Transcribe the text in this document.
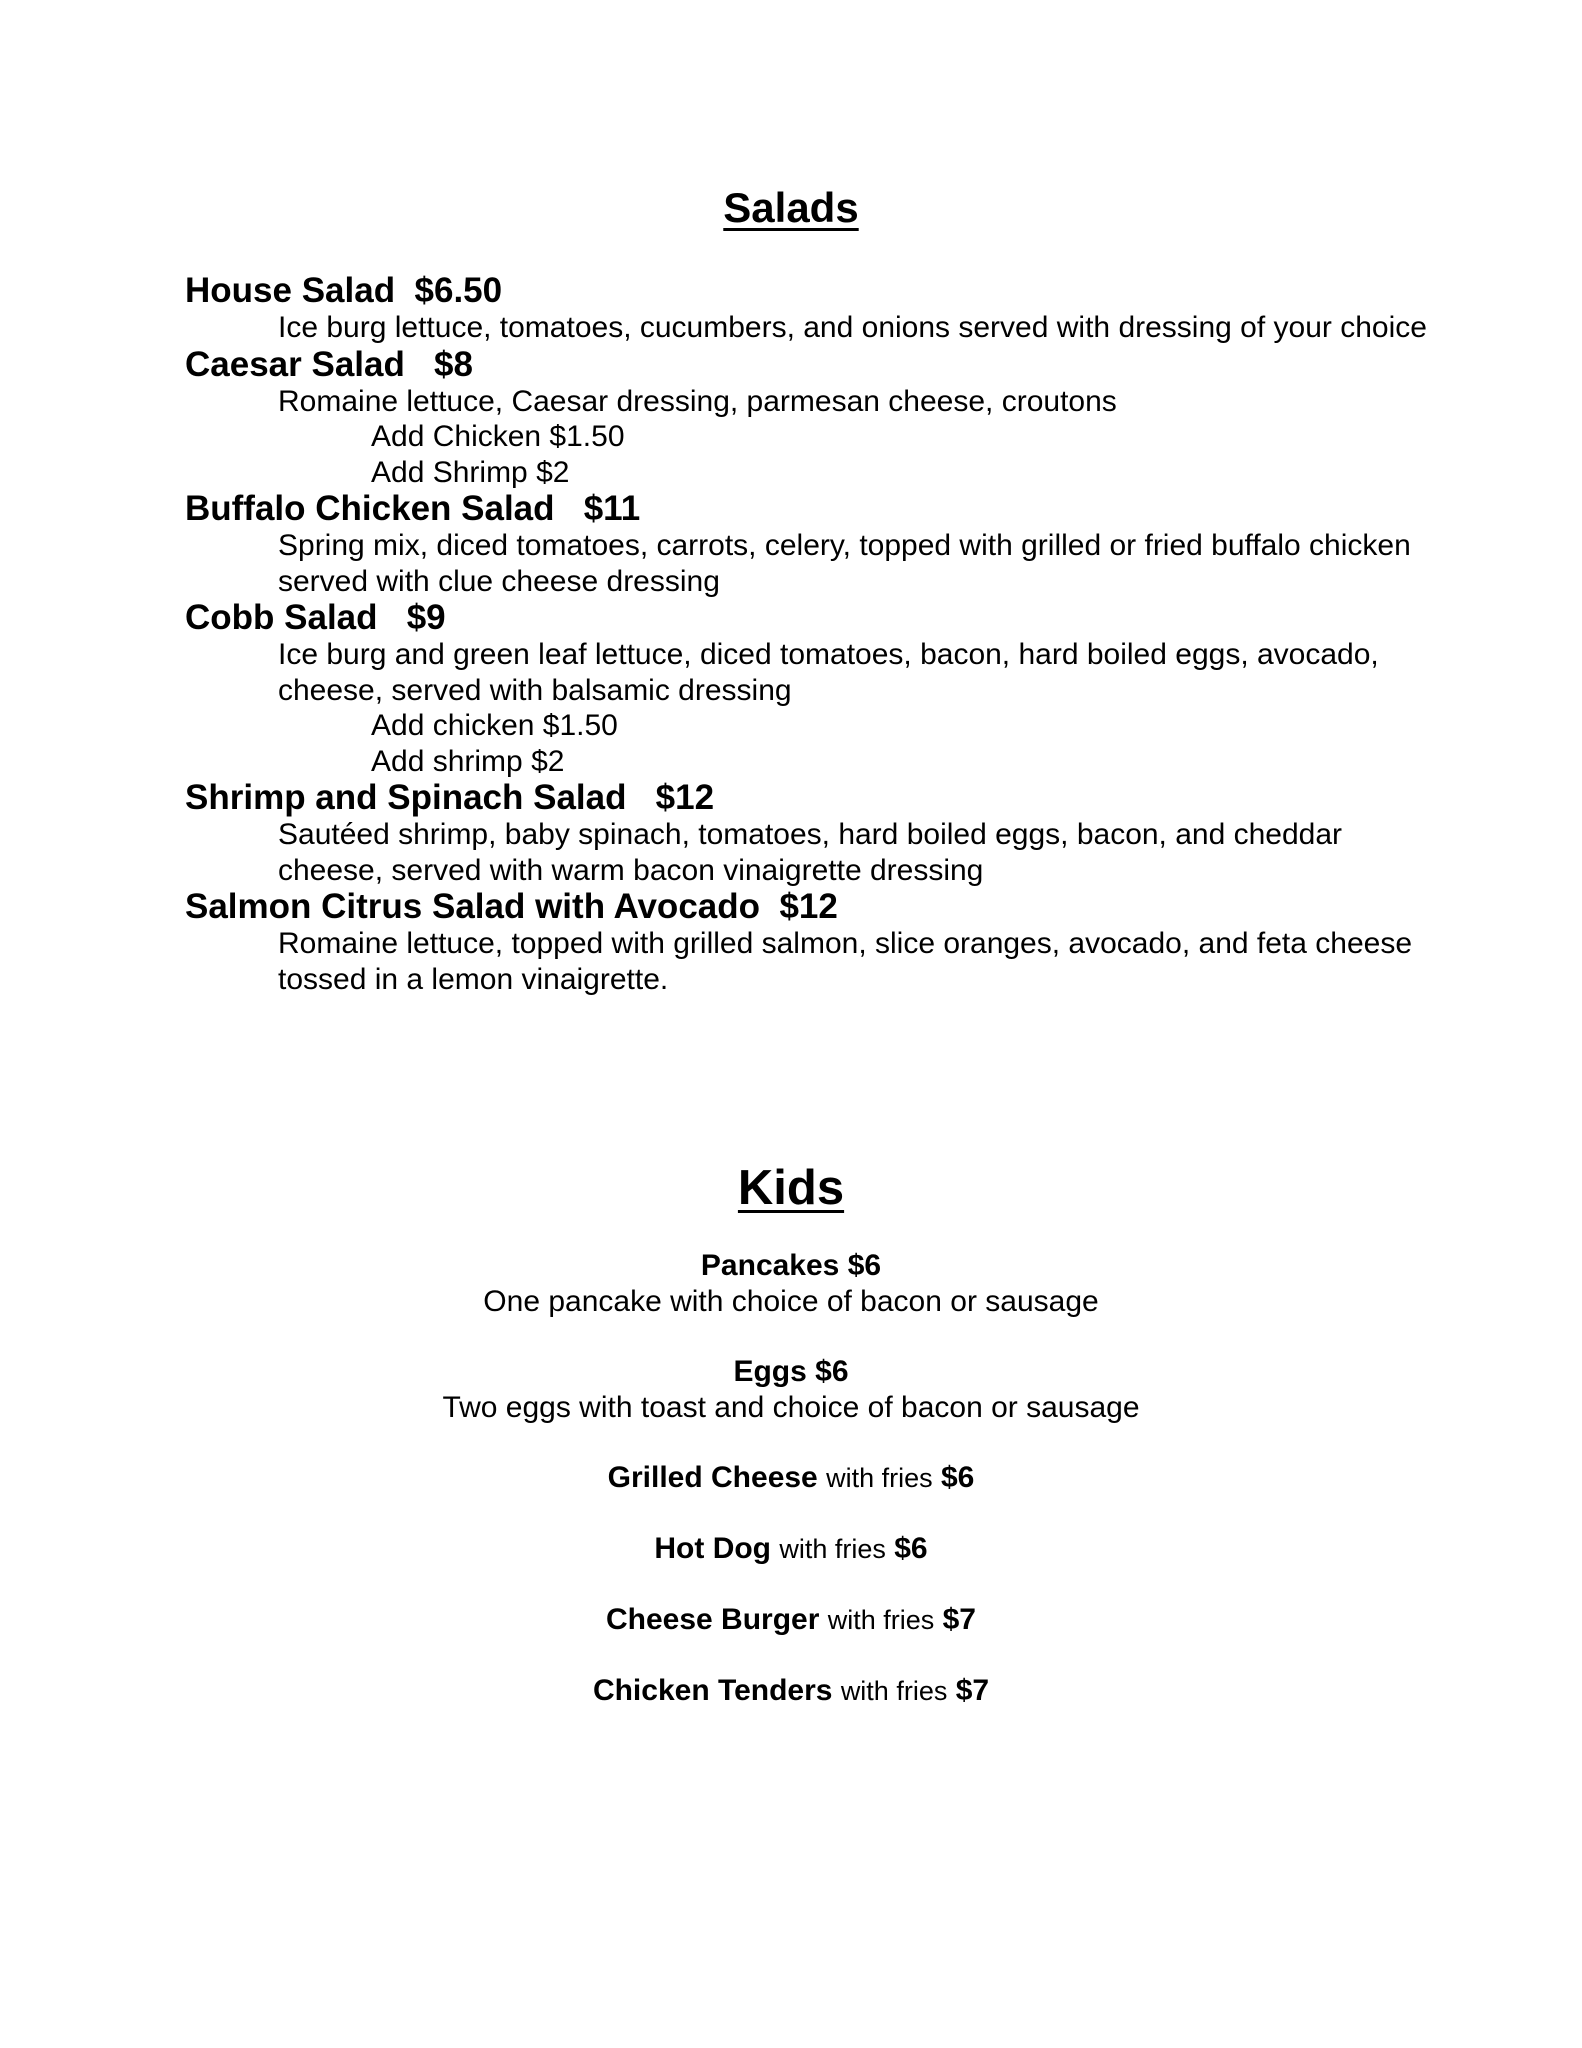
Salads

House Salad  $6.50

Ice burg lettuce, tomatoes, cucumbers, and onions served with dressing of your choice

Caesar Salad   $8

Romaine lettuce, Caesar dressing, parmesan cheese, croutons

Add Chicken $1.50

Add Shrimp $2

Buffalo Chicken Salad   $11

Spring mix, diced tomatoes, carrots, celery, topped with grilled or fried buffalo chicken served with clue cheese dressing

Cobb Salad   $9

Ice burg and green leaf lettuce, diced tomatoes, bacon, hard boiled eggs, avocado, cheese, served with balsamic dressing

Add chicken $1.50

Add shrimp $2

Shrimp and Spinach Salad   $12

Sautéed shrimp, baby spinach, tomatoes, hard boiled eggs, bacon, and cheddar cheese, served with warm bacon vinaigrette dressing

Salmon Citrus Salad with Avocado  $12

Romaine lettuce, topped with grilled salmon, slice oranges, avocado, and feta cheese tossed in a lemon vinaigrette.

Kids

Pancakes $6

One pancake with choice of bacon or sausage

Eggs $6

Two eggs with toast and choice of bacon or sausage

Grilled Cheese with fries $6

Hot Dog with fries $6

Cheese Burger with fries $7

Chicken Tenders with fries $7
